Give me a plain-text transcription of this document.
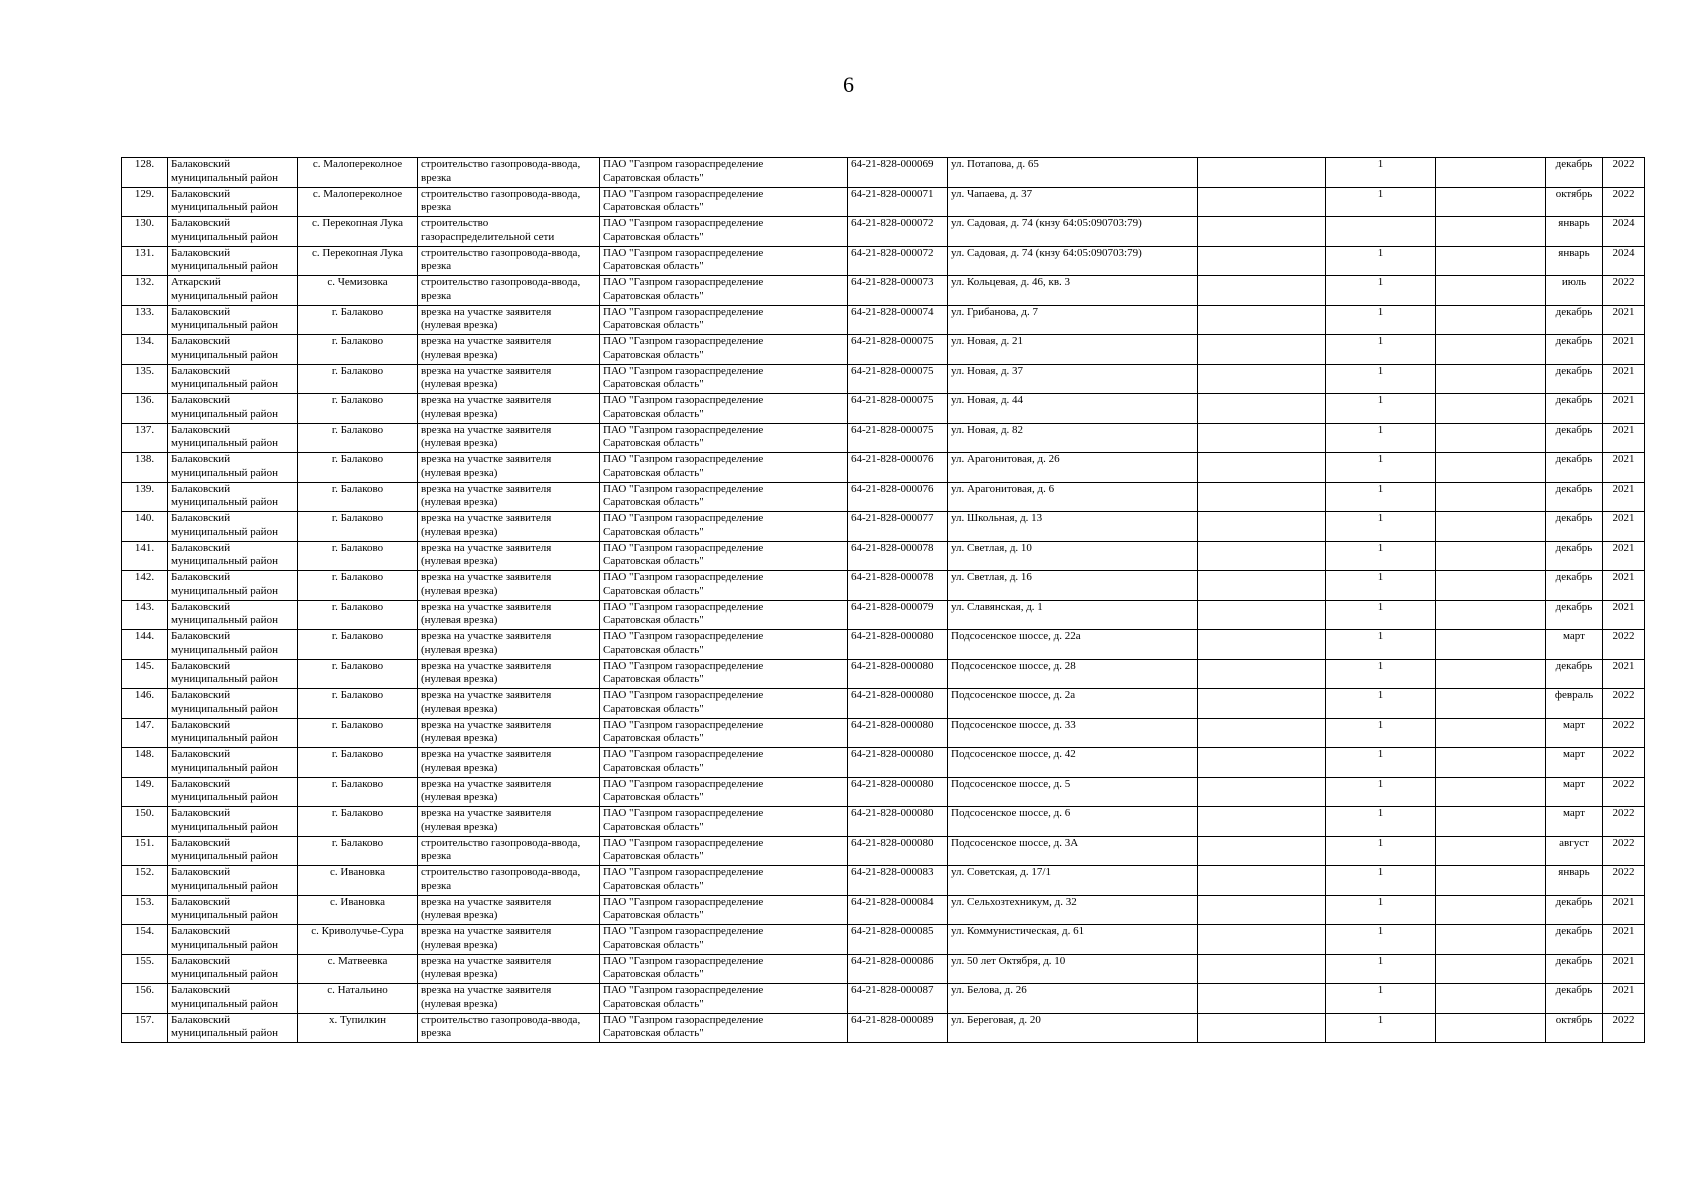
6
128.	Балаковский
муниципальный район	с. Малопереколное	строительство газопровода-ввода,
врезка	ПАО "Газпром газораспределение
Саратовская область"	64-21-828-000069	ул. Потапова, д. 65		1		декабрь	2022
129.	Балаковский
муниципальный район	с. Малопереколное	строительство газопровода-ввода,
врезка	ПАО "Газпром газораспределение
Саратовская область"	64-21-828-000071	ул. Чапаева, д. 37		1		октябрь	2022
130.	Балаковский
муниципальный район	с. Перекопная Лука	строительство
газораспределительной сети	ПАО "Газпром газораспределение
Саратовская область"	64-21-828-000072	ул. Садовая, д. 74 (кнзу 64:05:090703:79)				январь	2024
131.	Балаковский
муниципальный район	с. Перекопная Лука	строительство газопровода-ввода,
врезка	ПАО "Газпром газораспределение
Саратовская область"	64-21-828-000072	ул. Садовая, д. 74 (кнзу 64:05:090703:79)		1		январь	2024
132.	Аткарский
муниципальный район	с. Чемизовка	строительство газопровода-ввода,
врезка	ПАО "Газпром газораспределение
Саратовская область"	64-21-828-000073	ул. Кольцевая, д. 46, кв. 3		1		июль	2022
133.	Балаковский
муниципальный район	г. Балаково	врезка на участке заявителя
(нулевая врезка)	ПАО "Газпром газораспределение
Саратовская область"	64-21-828-000074	ул. Грибанова, д. 7		1		декабрь	2021
134.	Балаковский
муниципальный район	г. Балаково	врезка на участке заявителя
(нулевая врезка)	ПАО "Газпром газораспределение
Саратовская область"	64-21-828-000075	ул. Новая, д. 21		1		декабрь	2021
135.	Балаковский
муниципальный район	г. Балаково	врезка на участке заявителя
(нулевая врезка)	ПАО "Газпром газораспределение
Саратовская область"	64-21-828-000075	ул. Новая, д. 37		1		декабрь	2021
136.	Балаковский
муниципальный район	г. Балаково	врезка на участке заявителя
(нулевая врезка)	ПАО "Газпром газораспределение
Саратовская область"	64-21-828-000075	ул. Новая, д. 44		1		декабрь	2021
137.	Балаковский
муниципальный район	г. Балаково	врезка на участке заявителя
(нулевая врезка)	ПАО "Газпром газораспределение
Саратовская область"	64-21-828-000075	ул. Новая, д. 82		1		декабрь	2021
138.	Балаковский
муниципальный район	г. Балаково	врезка на участке заявителя
(нулевая врезка)	ПАО "Газпром газораспределение
Саратовская область"	64-21-828-000076	ул. Арагонитовая, д. 26		1		декабрь	2021
139.	Балаковский
муниципальный район	г. Балаково	врезка на участке заявителя
(нулевая врезка)	ПАО "Газпром газораспределение
Саратовская область"	64-21-828-000076	ул. Арагонитовая, д. 6		1		декабрь	2021
140.	Балаковский
муниципальный район	г. Балаково	врезка на участке заявителя
(нулевая врезка)	ПАО "Газпром газораспределение
Саратовская область"	64-21-828-000077	ул. Школьная, д. 13		1		декабрь	2021
141.	Балаковский
муниципальный район	г. Балаково	врезка на участке заявителя
(нулевая врезка)	ПАО "Газпром газораспределение
Саратовская область"	64-21-828-000078	ул. Светлая, д. 10		1		декабрь	2021
142.	Балаковский
муниципальный район	г. Балаково	врезка на участке заявителя
(нулевая врезка)	ПАО "Газпром газораспределение
Саратовская область"	64-21-828-000078	ул. Светлая, д. 16		1		декабрь	2021
143.	Балаковский
муниципальный район	г. Балаково	врезка на участке заявителя
(нулевая врезка)	ПАО "Газпром газораспределение
Саратовская область"	64-21-828-000079	ул. Славянская, д. 1		1		декабрь	2021
144.	Балаковский
муниципальный район	г. Балаково	врезка на участке заявителя
(нулевая врезка)	ПАО "Газпром газораспределение
Саратовская область"	64-21-828-000080	Подсосенское шоссе, д. 22а		1		март	2022
145.	Балаковский
муниципальный район	г. Балаково	врезка на участке заявителя
(нулевая врезка)	ПАО "Газпром газораспределение
Саратовская область"	64-21-828-000080	Подсосенское шоссе, д. 28		1		декабрь	2021
146.	Балаковский
муниципальный район	г. Балаково	врезка на участке заявителя
(нулевая врезка)	ПАО "Газпром газораспределение
Саратовская область"	64-21-828-000080	Подсосенское шоссе, д. 2а		1		февраль	2022
147.	Балаковский
муниципальный район	г. Балаково	врезка на участке заявителя
(нулевая врезка)	ПАО "Газпром газораспределение
Саратовская область"	64-21-828-000080	Подсосенское шоссе, д. 33		1		март	2022
148.	Балаковский
муниципальный район	г. Балаково	врезка на участке заявителя
(нулевая врезка)	ПАО "Газпром газораспределение
Саратовская область"	64-21-828-000080	Подсосенское шоссе, д. 42		1		март	2022
149.	Балаковский
муниципальный район	г. Балаково	врезка на участке заявителя
(нулевая врезка)	ПАО "Газпром газораспределение
Саратовская область"	64-21-828-000080	Подсосенское шоссе, д. 5		1		март	2022
150.	Балаковский
муниципальный район	г. Балаково	врезка на участке заявителя
(нулевая врезка)	ПАО "Газпром газораспределение
Саратовская область"	64-21-828-000080	Подсосенское шоссе, д. 6		1		март	2022
151.	Балаковский
муниципальный район	г. Балаково	строительство газопровода-ввода,
врезка	ПАО "Газпром газораспределение
Саратовская область"	64-21-828-000080	Подсосенское шоссе, д. 3А		1		август	2022
152.	Балаковский
муниципальный район	с. Ивановка	строительство газопровода-ввода,
врезка	ПАО "Газпром газораспределение
Саратовская область"	64-21-828-000083	ул. Советская, д. 17/1		1		январь	2022
153.	Балаковский
муниципальный район	с. Ивановка	врезка на участке заявителя
(нулевая врезка)	ПАО "Газпром газораспределение
Саратовская область"	64-21-828-000084	ул. Сельхозтехникум, д. 32		1		декабрь	2021
154.	Балаковский
муниципальный район	с. Криволучье-Сура	врезка на участке заявителя
(нулевая врезка)	ПАО "Газпром газораспределение
Саратовская область"	64-21-828-000085	ул. Коммунистическая, д. 61		1		декабрь	2021
155.	Балаковский
муниципальный район	с. Матвеевка	врезка на участке заявителя
(нулевая врезка)	ПАО "Газпром газораспределение
Саратовская область"	64-21-828-000086	ул. 50 лет Октября, д. 10		1		декабрь	2021
156.	Балаковский
муниципальный район	с. Натальино	врезка на участке заявителя
(нулевая врезка)	ПАО "Газпром газораспределение
Саратовская область"	64-21-828-000087	ул. Белова, д. 26		1		декабрь	2021
157.	Балаковский
муниципальный район	х. Тупилкин	строительство газопровода-ввода,
врезка	ПАО "Газпром газораспределение
Саратовская область"	64-21-828-000089	ул. Береговая, д. 20		1		октябрь	2022
